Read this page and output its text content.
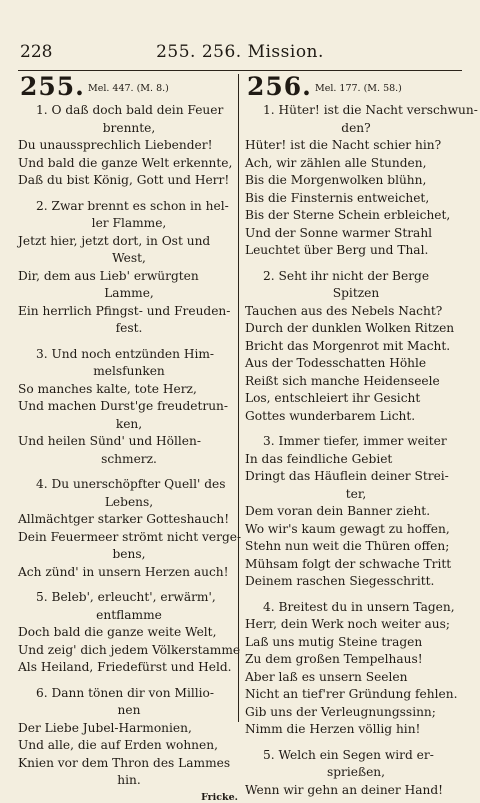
228	255. 256. Mission.
255. Mel. 447. (M. 8.)
1. O daß doch bald dein Feuer
brennte,
Du unaussprechlich Liebender!
Und bald die ganze Welt erkennte,
Daß du bist König, Gott und Herr!
2. Zwar brennt es schon in hel-
ler Flamme,
Jetzt hier, jetzt dort, in Ost und
West,
Dir, dem aus Lieb' erwürgten
Lamme,
Ein herrlich Pfingst- und Freuden-
fest.
3. Und noch entzünden Him-
melsfunken
So manches kalte, tote Herz,
Und machen Durst'ge freudetrun-
ken,
Und heilen Sünd' und Höllen-
schmerz.
4. Du unerschöpfter Quell' des
Lebens,
Allmächtger starker Gotteshauch!
Dein Feuermeer strömt nicht verge-
bens,
Ach zünd' in unsern Herzen auch!
5. Beleb', erleucht', erwärm',
entflamme
Doch bald die ganze weite Welt,
Und zeig' dich jedem Völkerstamme
Als Heiland, Friedefürst und Held.
6. Dann tönen dir von Millio-
nen
Der Liebe Jubel-Harmonien,
Und alle, die auf Erden wohnen,
Knien vor dem Thron des Lammes
hin.
Fricke.
256. Mel. 177. (M. 58.)
1. Hüter! ist die Nacht verschwun-
den?
Hüter! ist die Nacht schier hin?
Ach, wir zählen alle Stunden,
Bis die Morgenwolken blühn,
Bis die Finsternis entweichet,
Bis der Sterne Schein erbleichet,
Und der Sonne warmer Strahl
Leuchtet über Berg und Thal.
2. Seht ihr nicht der Berge
Spitzen
Tauchen aus des Nebels Nacht?
Durch der dunklen Wolken Ritzen
Bricht das Morgenrot mit Macht.
Aus der Todesschatten Höhle
Reißt sich manche Heidenseele
Los, entschleiert ihr Gesicht
Gottes wunderbarem Licht.
3. Immer tiefer, immer weiter
In das feindliche Gebiet
Dringt das Häuflein deiner Strei-
ter,
Dem voran dein Banner zieht.
Wo wir's kaum gewagt zu hoffen,
Stehn nun weit die Thüren offen;
Mühsam folgt der schwache Tritt
Deinem raschen Siegesschritt.
4. Breitest du in unsern Tagen,
Herr, dein Werk noch weiter aus;
Laß uns mutig Steine tragen
Zu dem großen Tempelhaus!
Aber laß es unsern Seelen
Nicht an tief'rer Gründung fehlen.
Gib uns der Verleugnungssinn;
Nimm die Herzen völlig hin!
5. Welch ein Segen wird er-
sprießen,
Wenn wir gehn an deiner Hand!
